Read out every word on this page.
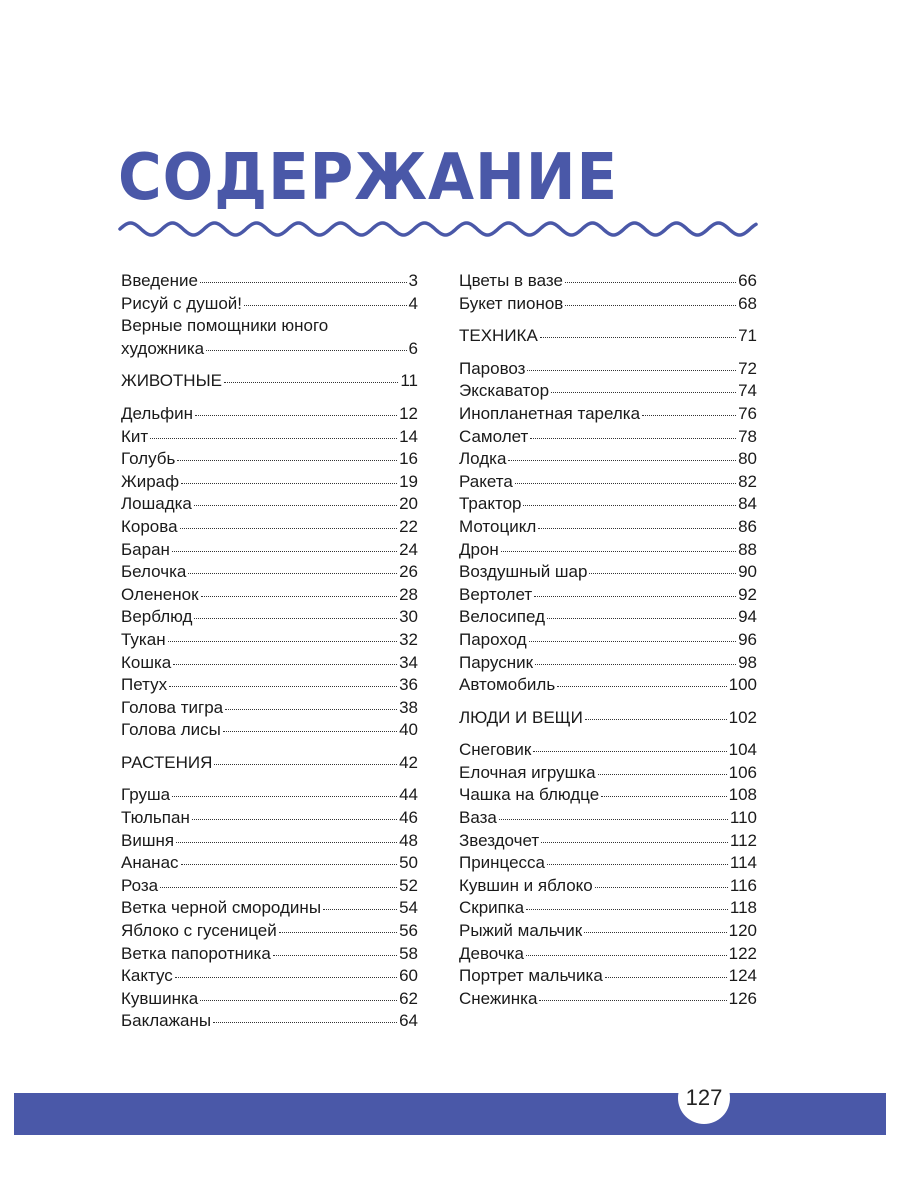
СОДЕРЖАНИЕ
Введение	3
Рисуй с душой!	4
Верные помощники юного
художника	6
ЖИВОТНЫЕ	11
Дельфин	12
Кит	14
Голубь	16
Жираф	19
Лошадка	20
Корова	22
Баран	24
Белочка	26
Олененок	28
Верблюд	30
Тукан	32
Кошка	34
Петух	36
Голова тигра	38
Голова лисы	40
РАСТЕНИЯ	42
Груша	44
Тюльпан	46
Вишня	48
Ананас	50
Роза	52
Ветка черной смородины	54
Яблоко с гусеницей	56
Ветка папоротника	58
Кактус	60
Кувшинка	62
Баклажаны	64
Цветы в вазе	66
Букет пионов	68
ТЕХНИКА	71
Паровоз	72
Экскаватор	74
Инопланетная тарелка	76
Самолет	78
Лодка	80
Ракета	82
Трактор	84
Мотоцикл	86
Дрон	88
Воздушный шар	90
Вертолет	92
Велосипед	94
Пароход	96
Парусник	98
Автомобиль	100
ЛЮДИ И ВЕЩИ	102
Снеговик	104
Елочная игрушка	106
Чашка на блюдце	108
Ваза	110
Звездочет	112
Принцесса	114
Кувшин и яблоко	116
Скрипка	118
Рыжий мальчик	120
Девочка	122
Портрет мальчика	124
Снежинка	126
127
